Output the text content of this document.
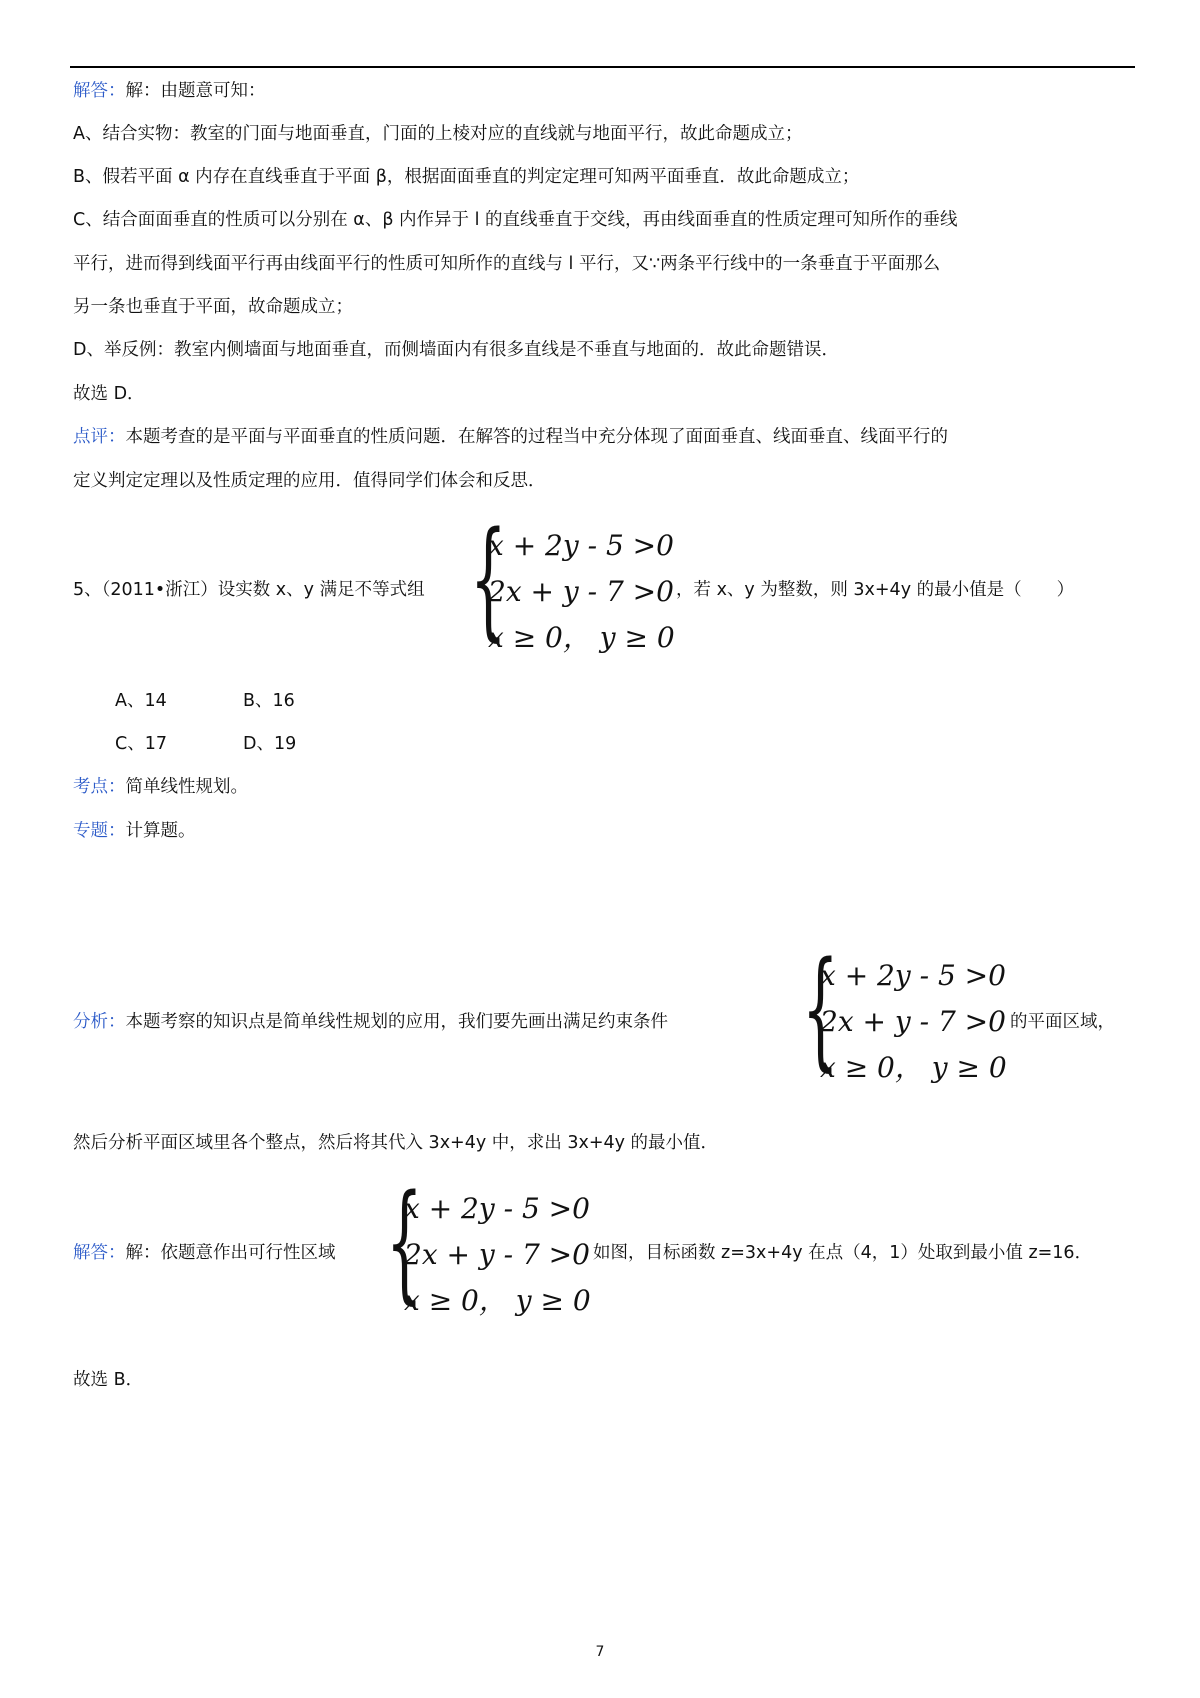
解答：解：由题意可知：
A、结合实物：教室的门面与地面垂直，门面的上棱对应的直线就与地面平行，故此命题成立；
B、假若平面 α 内存在直线垂直于平面 β，根据面面垂直的判定定理可知两平面垂直．故此命题成立；
C、结合面面垂直的性质可以分别在 α、β 内作异于 l 的直线垂直于交线，再由线面垂直的性质定理可知所作的垂线
平行，进而得到线面平行再由线面平行的性质可知所作的直线与 l 平行，又∵两条平行线中的一条垂直于平面那么
另一条也垂直于平面，故命题成立；
D、举反例：教室内侧墙面与地面垂直，而侧墙面内有很多直线是不垂直与地面的．故此命题错误．
故选 D．
点评：本题考查的是平面与平面垂直的性质问题．在解答的过程当中充分体现了面面垂直、线面垂直、线面平行的
定义判定定理以及性质定理的应用．值得同学们体会和反思．
5、（2011•浙江）设实数 x、y 满足不等式组 {
x + 2y - 5 >0
2x + y - 7 >0
x ≥ 0， y ≥ 0
，若 x、y 为整数，则 3x+4y 的最小值是（　　）
A、14	B、16
C、17	D、19
考点：简单线性规划。
专题：计算题。
分析：本题考察的知识点是简单线性规划的应用，我们要先画出满足约束条件 {
x + 2y - 5 >0
2x + y - 7 >0
x ≥ 0， y ≥ 0
的平面区域，
然后分析平面区域里各个整点，然后将其代入 3x+4y 中，求出 3x+4y 的最小值．
解答：解：依题意作出可行性区域 {
x + 2y - 5 >0
2x + y - 7 >0
x ≥ 0， y ≥ 0
如图，目标函数 z=3x+4y 在点（4，1）处取到最小值 z=16．
故选 B．
7
